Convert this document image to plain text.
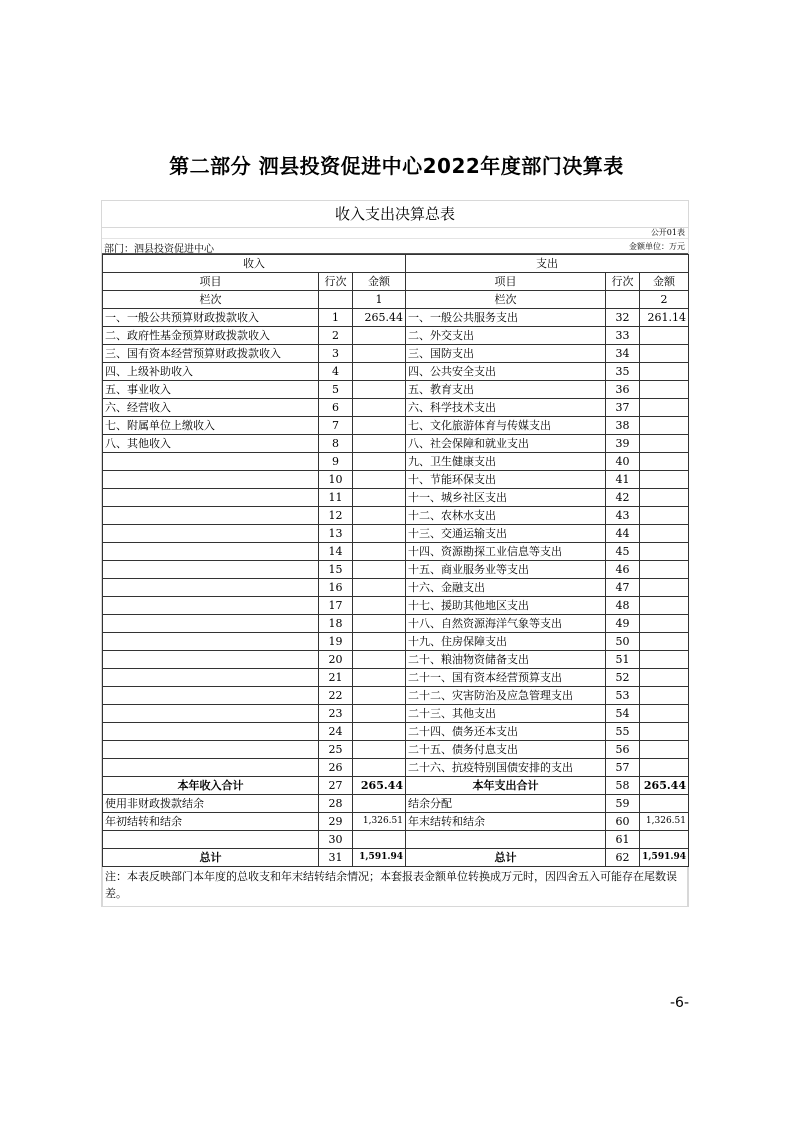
第二部分 泗县投资促进中心2022年度部门决算表
收入支出决算总表
公开01表
部门：泗县投资促进中心	金额单位：万元
收入			支出		
项目	行次	金额	项目	行次	金额
栏次		1	栏次		2
一、一般公共预算财政拨款收入	1	265.44	一、一般公共服务支出	32	261.14
二、政府性基金预算财政拨款收入	2		二、外交支出	33	
三、国有资本经营预算财政拨款收入	3		三、国防支出	34	
四、上级补助收入	4		四、公共安全支出	35	
五、事业收入	5		五、教育支出	36	
六、经营收入	6		六、科学技术支出	37	
七、附属单位上缴收入	7		七、文化旅游体育与传媒支出	38	
八、其他收入	8		八、社会保障和就业支出	39	
	9		九、卫生健康支出	40	
	10		十、节能环保支出	41	
	11		十一、城乡社区支出	42	
	12		十二、农林水支出	43	
	13		十三、交通运输支出	44	
	14		十四、资源勘探工业信息等支出	45	
	15		十五、商业服务业等支出	46	
	16		十六、金融支出	47	
	17		十七、援助其他地区支出	48	
	18		十八、自然资源海洋气象等支出	49	
	19		十九、住房保障支出	50	
	20		二十、粮油物资储备支出	51	
	21		二十一、国有资本经营预算支出	52	
	22		二十二、灾害防治及应急管理支出	53	
	23		二十三、其他支出	54	
	24		二十四、债务还本支出	55	
	25		二十五、债务付息支出	56	
	26		二十六、抗疫特别国债安排的支出	57	
本年收入合计	27	265.44	本年支出合计	58	265.44
使用非财政拨款结余	28		结余分配	59	
年初结转和结余	29	1,326.51	年末结转和结余	60	1,326.51
	30			61	
总计	31	1,591.94	总计	62	1,591.94
注：本表反映部门本年度的总收支和年末结转结余情况；本套报表金额单位转换成万元时，因四舍五入可能存在尾数误差。
-6-
